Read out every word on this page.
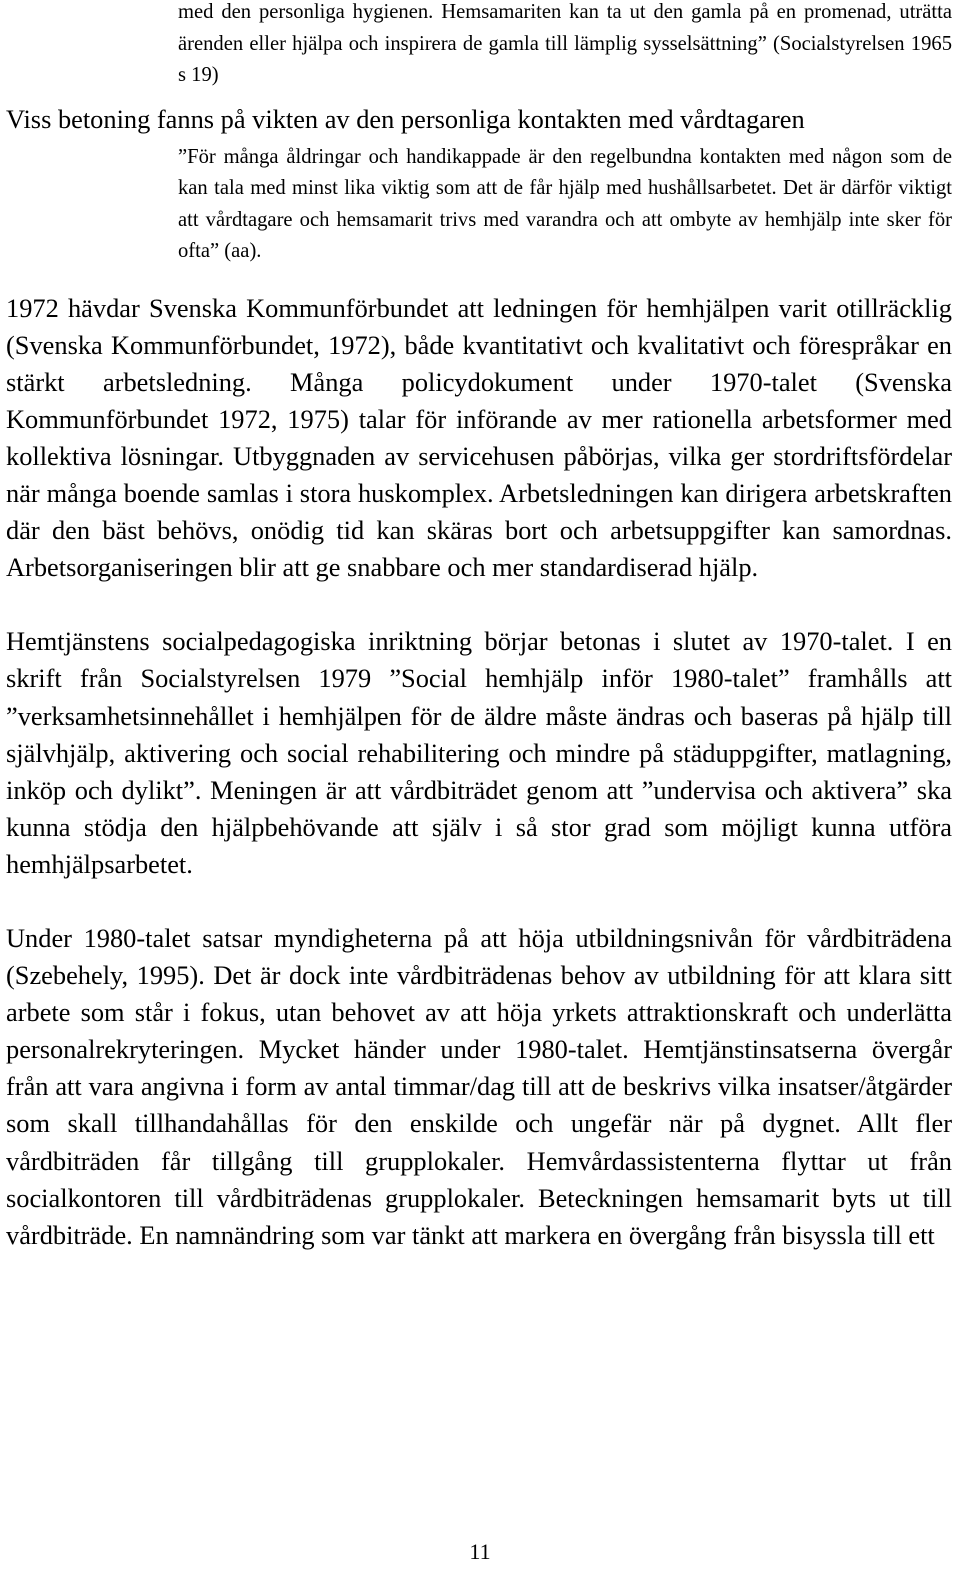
med den personliga hygienen. Hemsamariten kan ta ut den gamla på en promenad, uträtta ärenden eller hjälpa och inspirera de gamla till lämplig sysselsättning” (Socialstyrelsen 1965 s 19)

Viss betoning fanns på vikten av den personliga kontakten med vårdtagaren

”För många åldringar och handikappade är den regelbundna kontakten med någon som de kan tala med minst lika viktig som att de får hjälp med hushållsarbetet. Det är därför viktigt att vårdtagare och hemsamarit trivs med varandra och att ombyte av hemhjälp inte sker för ofta” (aa).

1972 hävdar Svenska Kommunförbundet att ledningen för hemhjälpen varit otillräcklig (Svenska Kommunförbundet, 1972), både kvantitativt och kvalitativt och förespråkar en stärkt arbetsledning. Många policydokument under 1970-talet (Svenska Kommunförbundet 1972, 1975) talar för införande av mer rationella arbetsformer med kollektiva lösningar. Utbyggnaden av servicehusen påbörjas, vilka ger stordriftsfördelar när många boende samlas i stora huskomplex. Arbetsledningen kan dirigera arbetskraften där den bäst behövs, onödig tid kan skäras bort och arbetsuppgifter kan samordnas. Arbetsorganiseringen blir att ge snabbare och mer standardiserad hjälp.

Hemtjänstens socialpedagogiska inriktning börjar betonas i slutet av 1970-talet. I en skrift från Socialstyrelsen 1979 ”Social hemhjälp inför 1980-talet” framhålls att ”verksamhetsinnehållet i hemhjälpen för de äldre måste ändras och baseras på hjälp till självhjälp, aktivering och social rehabilitering och mindre på städuppgifter, matlagning, inköp och dylikt”. Meningen är att vårdbiträdet genom att ”undervisa och aktivera” ska kunna stödja den hjälpbehövande att själv i så stor grad som möjligt kunna utföra hemhjälpsarbetet.

Under 1980-talet satsar myndigheterna på att höja utbildningsnivån för vårdbiträdena (Szebehely, 1995). Det är dock inte vårdbiträdenas behov av utbildning för att klara sitt arbete som står i fokus, utan behovet av att höja yrkets attraktionskraft och underlätta personalrekryteringen. Mycket händer under 1980-talet. Hemtjänstinsatserna övergår från att vara angivna i form av antal timmar/dag till att de beskrivs vilka insatser/åtgärder som skall tillhandahållas för den enskilde och ungefär när på dygnet. Allt fler vårdbiträden får tillgång till grupplokaler. Hemvårdassistenterna flyttar ut från socialkontoren till vårdbiträdenas grupplokaler. Beteckningen hemsamarit byts ut till vårdbiträde. En namnändring som var tänkt att markera en övergång från bisyssla till ett

11
